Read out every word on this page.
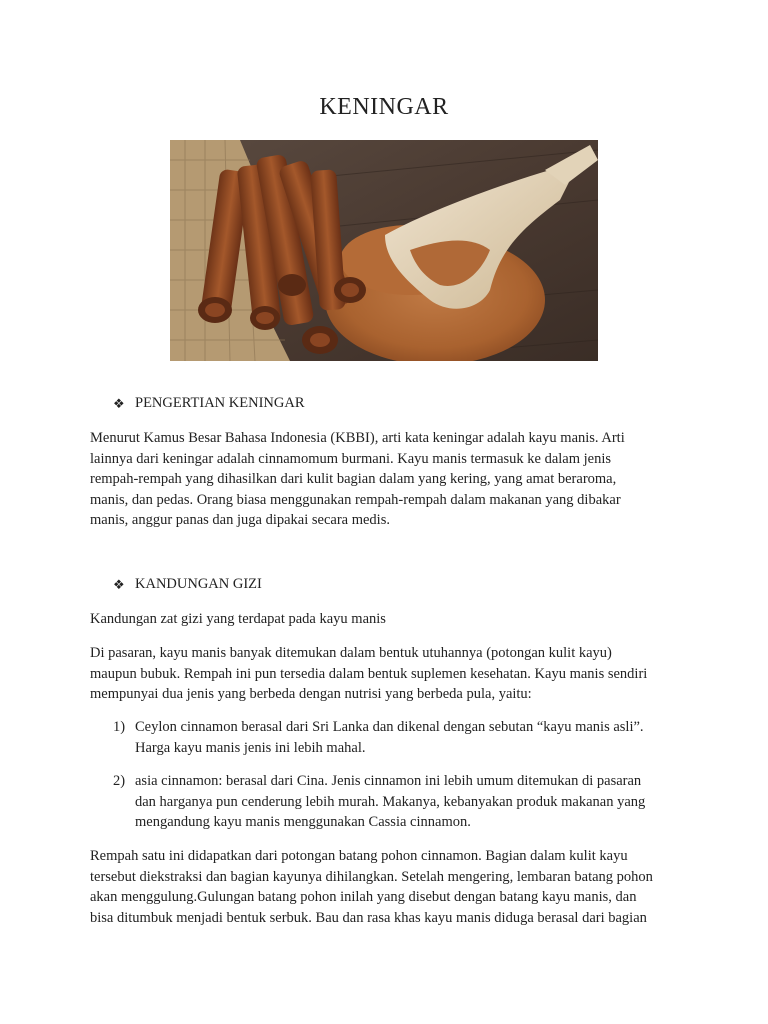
KENINGAR
❖ PENGERTIAN KENINGAR
Menurut Kamus Besar Bahasa Indonesia (KBBI), arti kata keningar adalah kayu manis. Arti
lainnya dari keningar adalah cinnamomum burmani. Kayu manis termasuk ke dalam jenis
rempah-rempah yang dihasilkan dari kulit bagian dalam yang kering, yang amat beraroma,
manis, dan pedas. Orang biasa menggunakan rempah-rempah dalam makanan yang dibakar
manis, anggur panas dan juga dipakai secara medis.
❖ KANDUNGAN GIZI
Kandungan zat gizi yang terdapat pada kayu manis
Di pasaran, kayu manis banyak ditemukan dalam bentuk utuhannya (potongan kulit kayu)
maupun bubuk. Rempah ini pun tersedia dalam bentuk suplemen kesehatan. Kayu manis sendiri
mempunyai dua jenis yang berbeda dengan nutrisi yang berbeda pula, yaitu:
1) Ceylon cinnamon berasal dari Sri Lanka dan dikenal dengan sebutan “kayu manis asli”.
Harga kayu manis jenis ini lebih mahal.
2) asia cinnamon: berasal dari Cina. Jenis cinnamon ini lebih umum ditemukan di pasaran
dan harganya pun cenderung lebih murah. Makanya, kebanyakan produk makanan yang
mengandung kayu manis menggunakan Cassia cinnamon.
Rempah satu ini didapatkan dari potongan batang pohon cinnamon. Bagian dalam kulit kayu
tersebut diekstraksi dan bagian kayunya dihilangkan. Setelah mengering, lembaran batang pohon
akan menggulung.Gulungan batang pohon inilah yang disebut dengan batang kayu manis, dan
bisa ditumbuk menjadi bentuk serbuk. Bau dan rasa khas kayu manis diduga berasal dari bagian
